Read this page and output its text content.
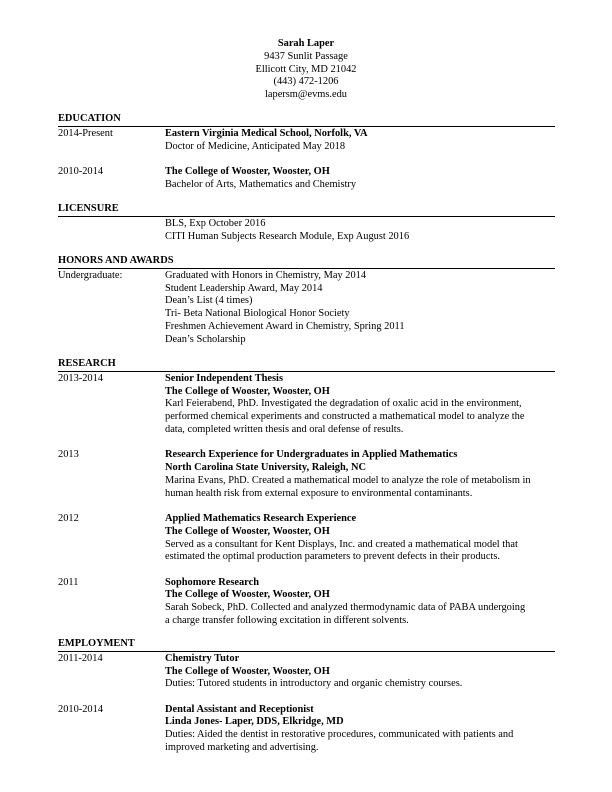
Sarah Laper
9437 Sunlit Passage
Ellicott City, MD 21042
(443) 472-1206
lapersm@evms.edu
EDUCATION
2014-Present	Eastern Virginia Medical School, Norfolk, VA
Doctor of Medicine, Anticipated May 2018
2010-2014	The College of Wooster, Wooster, OH
Bachelor of Arts, Mathematics and Chemistry
LICENSURE
BLS, Exp October 2016
CITI Human Subjects Research Module, Exp August 2016
HONORS AND AWARDS
Undergraduate:	Graduated with Honors in Chemistry, May 2014
Student Leadership Award, May 2014
Dean’s List (4 times)
Tri- Beta National Biological Honor Society
Freshmen Achievement Award in Chemistry, Spring 2011
Dean’s Scholarship
RESEARCH
2013-2014	Senior Independent Thesis
The College of Wooster, Wooster, OH
Karl Feierabend, PhD. Investigated the degradation of oxalic acid in the environment,
performed chemical experiments and constructed a mathematical model to analyze the
data, completed written thesis and oral defense of results.
2013	Research Experience for Undergraduates in Applied Mathematics
North Carolina State University, Raleigh, NC
Marina Evans, PhD. Created a mathematical model to analyze the role of metabolism in
human health risk from external exposure to environmental contaminants.
2012	Applied Mathematics Research Experience
The College of Wooster, Wooster, OH
Served as a consultant for Kent Displays, Inc. and created a mathematical model that
estimated the optimal production parameters to prevent defects in their products.
2011	Sophomore Research
The College of Wooster, Wooster, OH
Sarah Sobeck, PhD. Collected and analyzed thermodynamic data of PABA undergoing
a charge transfer following excitation in different solvents.
EMPLOYMENT
2011-2014	Chemistry Tutor
The College of Wooster, Wooster, OH
Duties: Tutored students in introductory and organic chemistry courses.
2010-2014	Dental Assistant and Receptionist
Linda Jones- Laper, DDS, Elkridge, MD
Duties: Aided the dentist in restorative procedures, communicated with patients and
improved marketing and advertising.
